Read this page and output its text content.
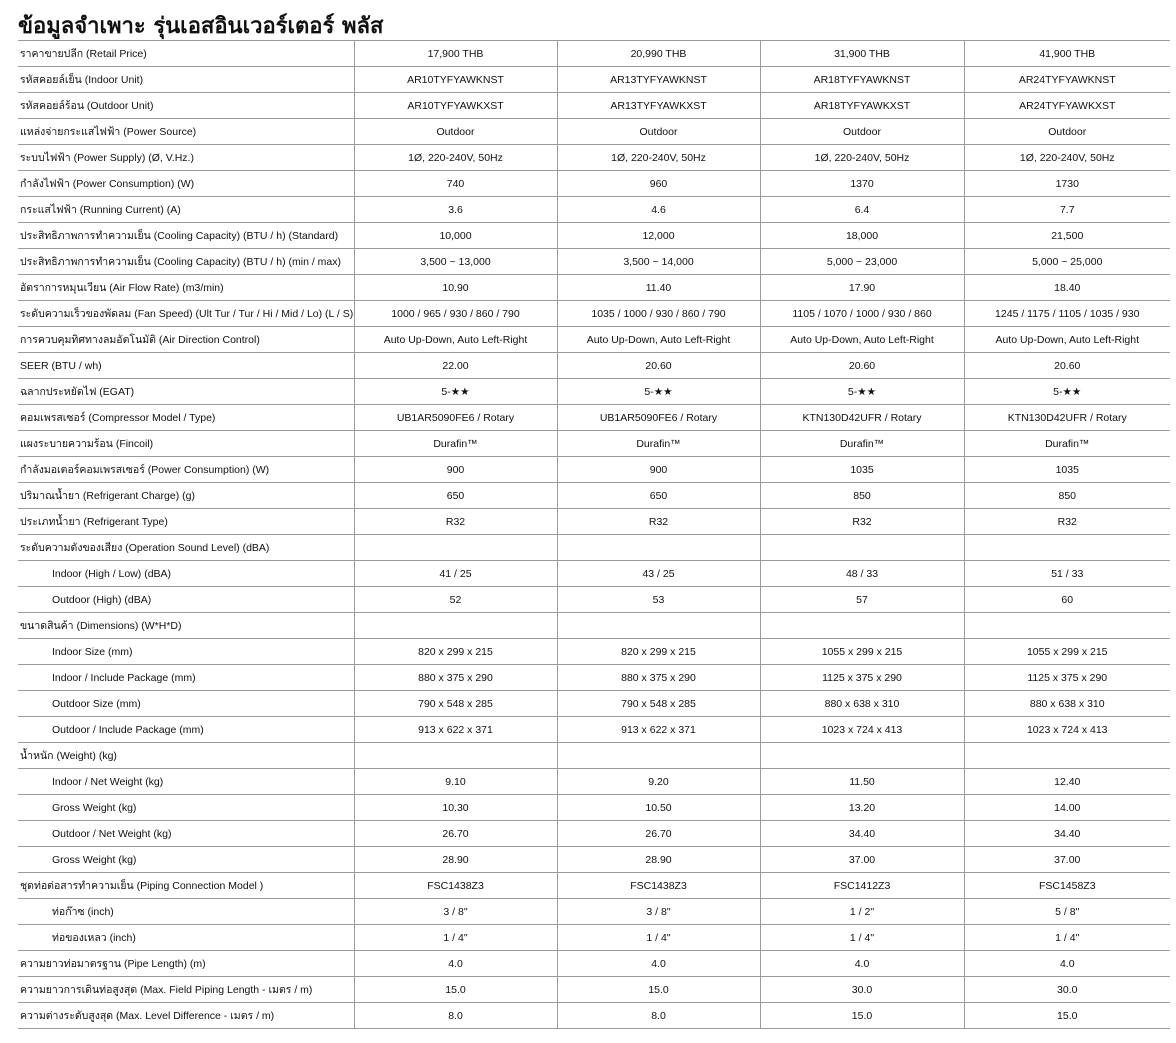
ข้อมูลจำเพาะ รุ่นเอสอินเวอร์เตอร์ พลัส
ราคาขายปลีก (Retail Price)	17,900 THB	20,990 THB	31,900 THB	41,900 THB
รหัสคอยล์เย็น (Indoor Unit)	AR10TYFYAWKNST	AR13TYFYAWKNST	AR18TYFYAWKNST	AR24TYFYAWKNST
รหัสคอยล์ร้อน (Outdoor Unit)	AR10TYFYAWKXST	AR13TYFYAWKXST	AR18TYFYAWKXST	AR24TYFYAWKXST
แหล่งจ่ายกระแสไฟฟ้า (Power Source)	Outdoor	Outdoor	Outdoor	Outdoor
ระบบไฟฟ้า (Power Supply) (Ø, V.Hz.)	1Ø, 220-240V, 50Hz	1Ø, 220-240V, 50Hz	1Ø, 220-240V, 50Hz	1Ø, 220-240V, 50Hz
กำลังไฟฟ้า (Power Consumption) (W)	740	960	1370	1730
กระแสไฟฟ้า (Running Current) (A)	3.6	4.6	6.4	7.7
ประสิทธิภาพการทำความเย็น (Cooling Capacity) (BTU / h) (Standard)	10,000	12,000	18,000	21,500
ประสิทธิภาพการทำความเย็น (Cooling Capacity) (BTU / h) (min / max)	3,500 ~ 13,000	3,500 ~ 14,000	5,000 ~ 23,000	5,000 ~ 25,000
อัตราการหมุนเวียน (Air Flow Rate) (m3/min)	10.90	11.40	17.90	18.40
ระดับความเร็วของพัดลม (Fan Speed) (Ult Tur / Tur / Hi / Mid / Lo) (L / S)	1000 / 965 / 930 / 860 / 790	1035 / 1000 / 930 / 860 / 790	1105 / 1070 / 1000 / 930 / 860	1245 / 1175 / 1105 / 1035 / 930
การควบคุมทิศทางลมอัตโนมัติ (Air Direction Control)	Auto Up-Down, Auto Left-Right	Auto Up-Down, Auto Left-Right	Auto Up-Down, Auto Left-Right	Auto Up-Down, Auto Left-Right
SEER (BTU / wh)	22.00	20.60	20.60	20.60
ฉลากประหยัดไฟ (EGAT)	5-★★	5-★★	5-★★	5-★★
คอมเพรสเซอร์ (Compressor Model / Type)	UB1AR5090FE6 / Rotary	UB1AR5090FE6 / Rotary	KTN130D42UFR / Rotary	KTN130D42UFR / Rotary
แผงระบายความร้อน (Fincoil)	Durafin™	Durafin™	Durafin™	Durafin™
กำลังมอเตอร์คอมเพรสเซอร์ (Power Consumption) (W)	900	900	1035	1035
ปริมาณน้ำยา (Refrigerant Charge) (g)	650	650	850	850
ประเภทน้ำยา (Refrigerant Type)	R32	R32	R32	R32
ระดับความดังของเสียง (Operation Sound Level) (dBA)				
Indoor (High / Low) (dBA)	41 / 25	43 / 25	48 / 33	51 / 33
Outdoor (High) (dBA)	52	53	57	60
ขนาดสินค้า (Dimensions) (W*H*D)				
Indoor Size (mm)	820 x 299 x 215	820 x 299 x 215	1055 x 299 x 215	1055 x 299 x 215
Indoor / Include Package (mm)	880 x 375 x 290	880 x 375 x 290	1125 x 375 x 290	1125 x 375 x 290
Outdoor Size (mm)	790 x 548 x 285	790 x 548 x 285	880 x 638 x 310	880 x 638 x 310
Outdoor / Include Package (mm)	913 x 622 x 371	913 x 622 x 371	1023 x 724 x 413	1023 x 724 x 413
น้ำหนัก (Weight) (kg)				
Indoor / Net Weight (kg)	9.10	9.20	11.50	12.40
Gross Weight (kg)	10.30	10.50	13.20	14.00
Outdoor / Net Weight (kg)	26.70	26.70	34.40	34.40
Gross Weight (kg)	28.90	28.90	37.00	37.00
ชุดท่อต่อสารทำความเย็น (Piping Connection Model )	FSC1438Z3	FSC1438Z3	FSC1412Z3	FSC1458Z3
ท่อก๊าซ (inch)	3 / 8"	3 / 8"	1 / 2"	5 / 8"
ท่อของเหลว (inch)	1 / 4"	1 / 4"	1 / 4"	1 / 4"
ความยาวท่อมาตรฐาน (Pipe Length) (m)	4.0	4.0	4.0	4.0
ความยาวการเดินท่อสูงสุด (Max. Field Piping Length - เมตร / m)	15.0	15.0	30.0	30.0
ความต่างระดับสูงสุด (Max. Level Difference - เมตร / m)	8.0	8.0	15.0	15.0
